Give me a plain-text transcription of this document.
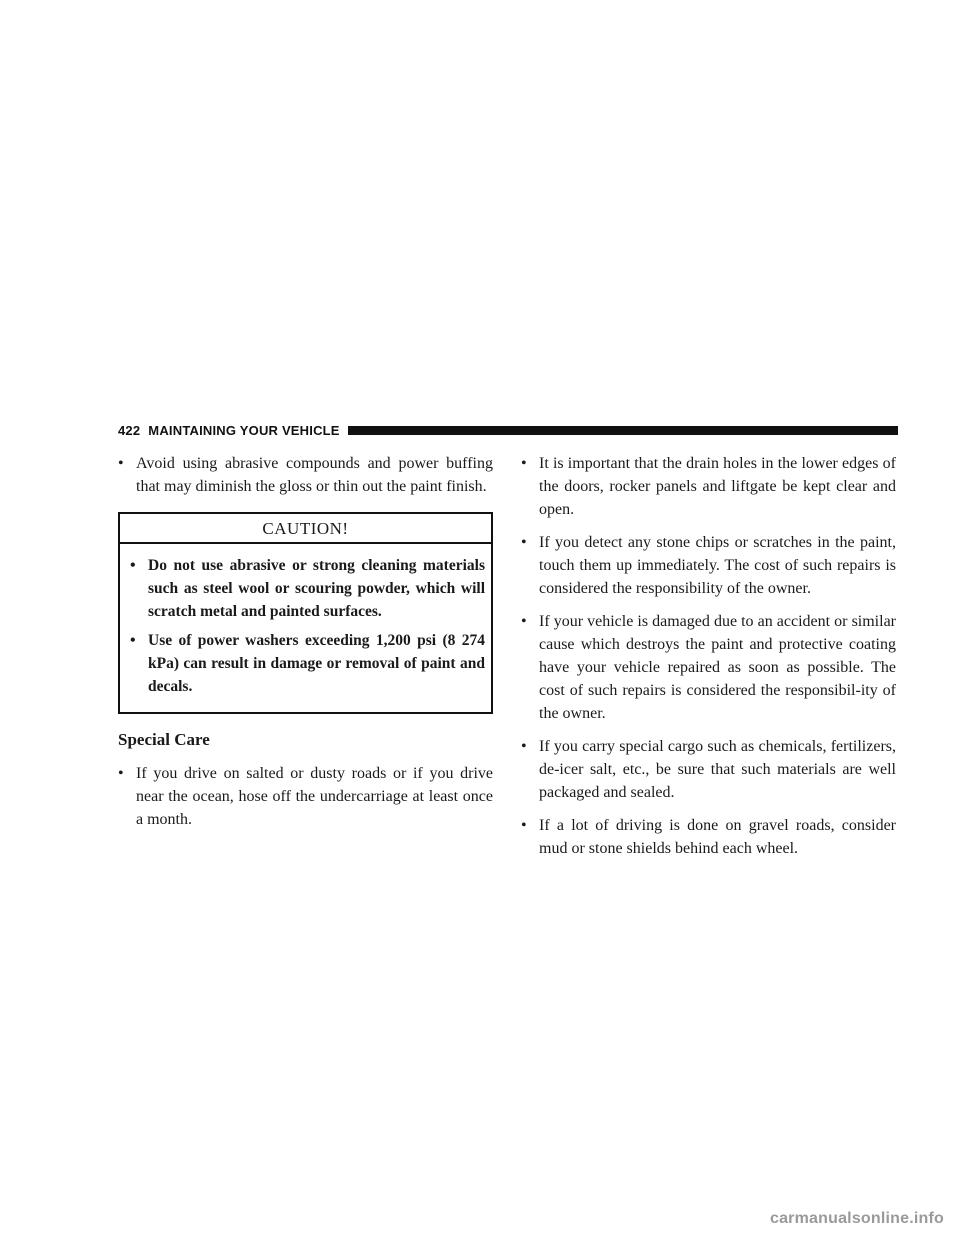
422 MAINTAINING YOUR VEHICLE

• Avoid using abrasive compounds and power buffing that may diminish the gloss or thin out the paint finish.

CAUTION!

• Do not use abrasive or strong cleaning materials such as steel wool or scouring powder, which will scratch metal and painted surfaces.

• Use of power washers exceeding 1,200 psi (8 274 kPa) can result in damage or removal of paint and decals.

Special Care

• If you drive on salted or dusty roads or if you drive near the ocean, hose off the undercarriage at least once a month.

• It is important that the drain holes in the lower edges of the doors, rocker panels and liftgate be kept clear and open.

• If you detect any stone chips or scratches in the paint, touch them up immediately. The cost of such repairs is considered the responsibility of the owner.

• If your vehicle is damaged due to an accident or similar cause which destroys the paint and protective coating have your vehicle repaired as soon as possible. The cost of such repairs is considered the responsibil-ity of the owner.

• If you carry special cargo such as chemicals, fertilizers, de-icer salt, etc., be sure that such materials are well packaged and sealed.

• If a lot of driving is done on gravel roads, consider mud or stone shields behind each wheel.

carmanualsonline.info
